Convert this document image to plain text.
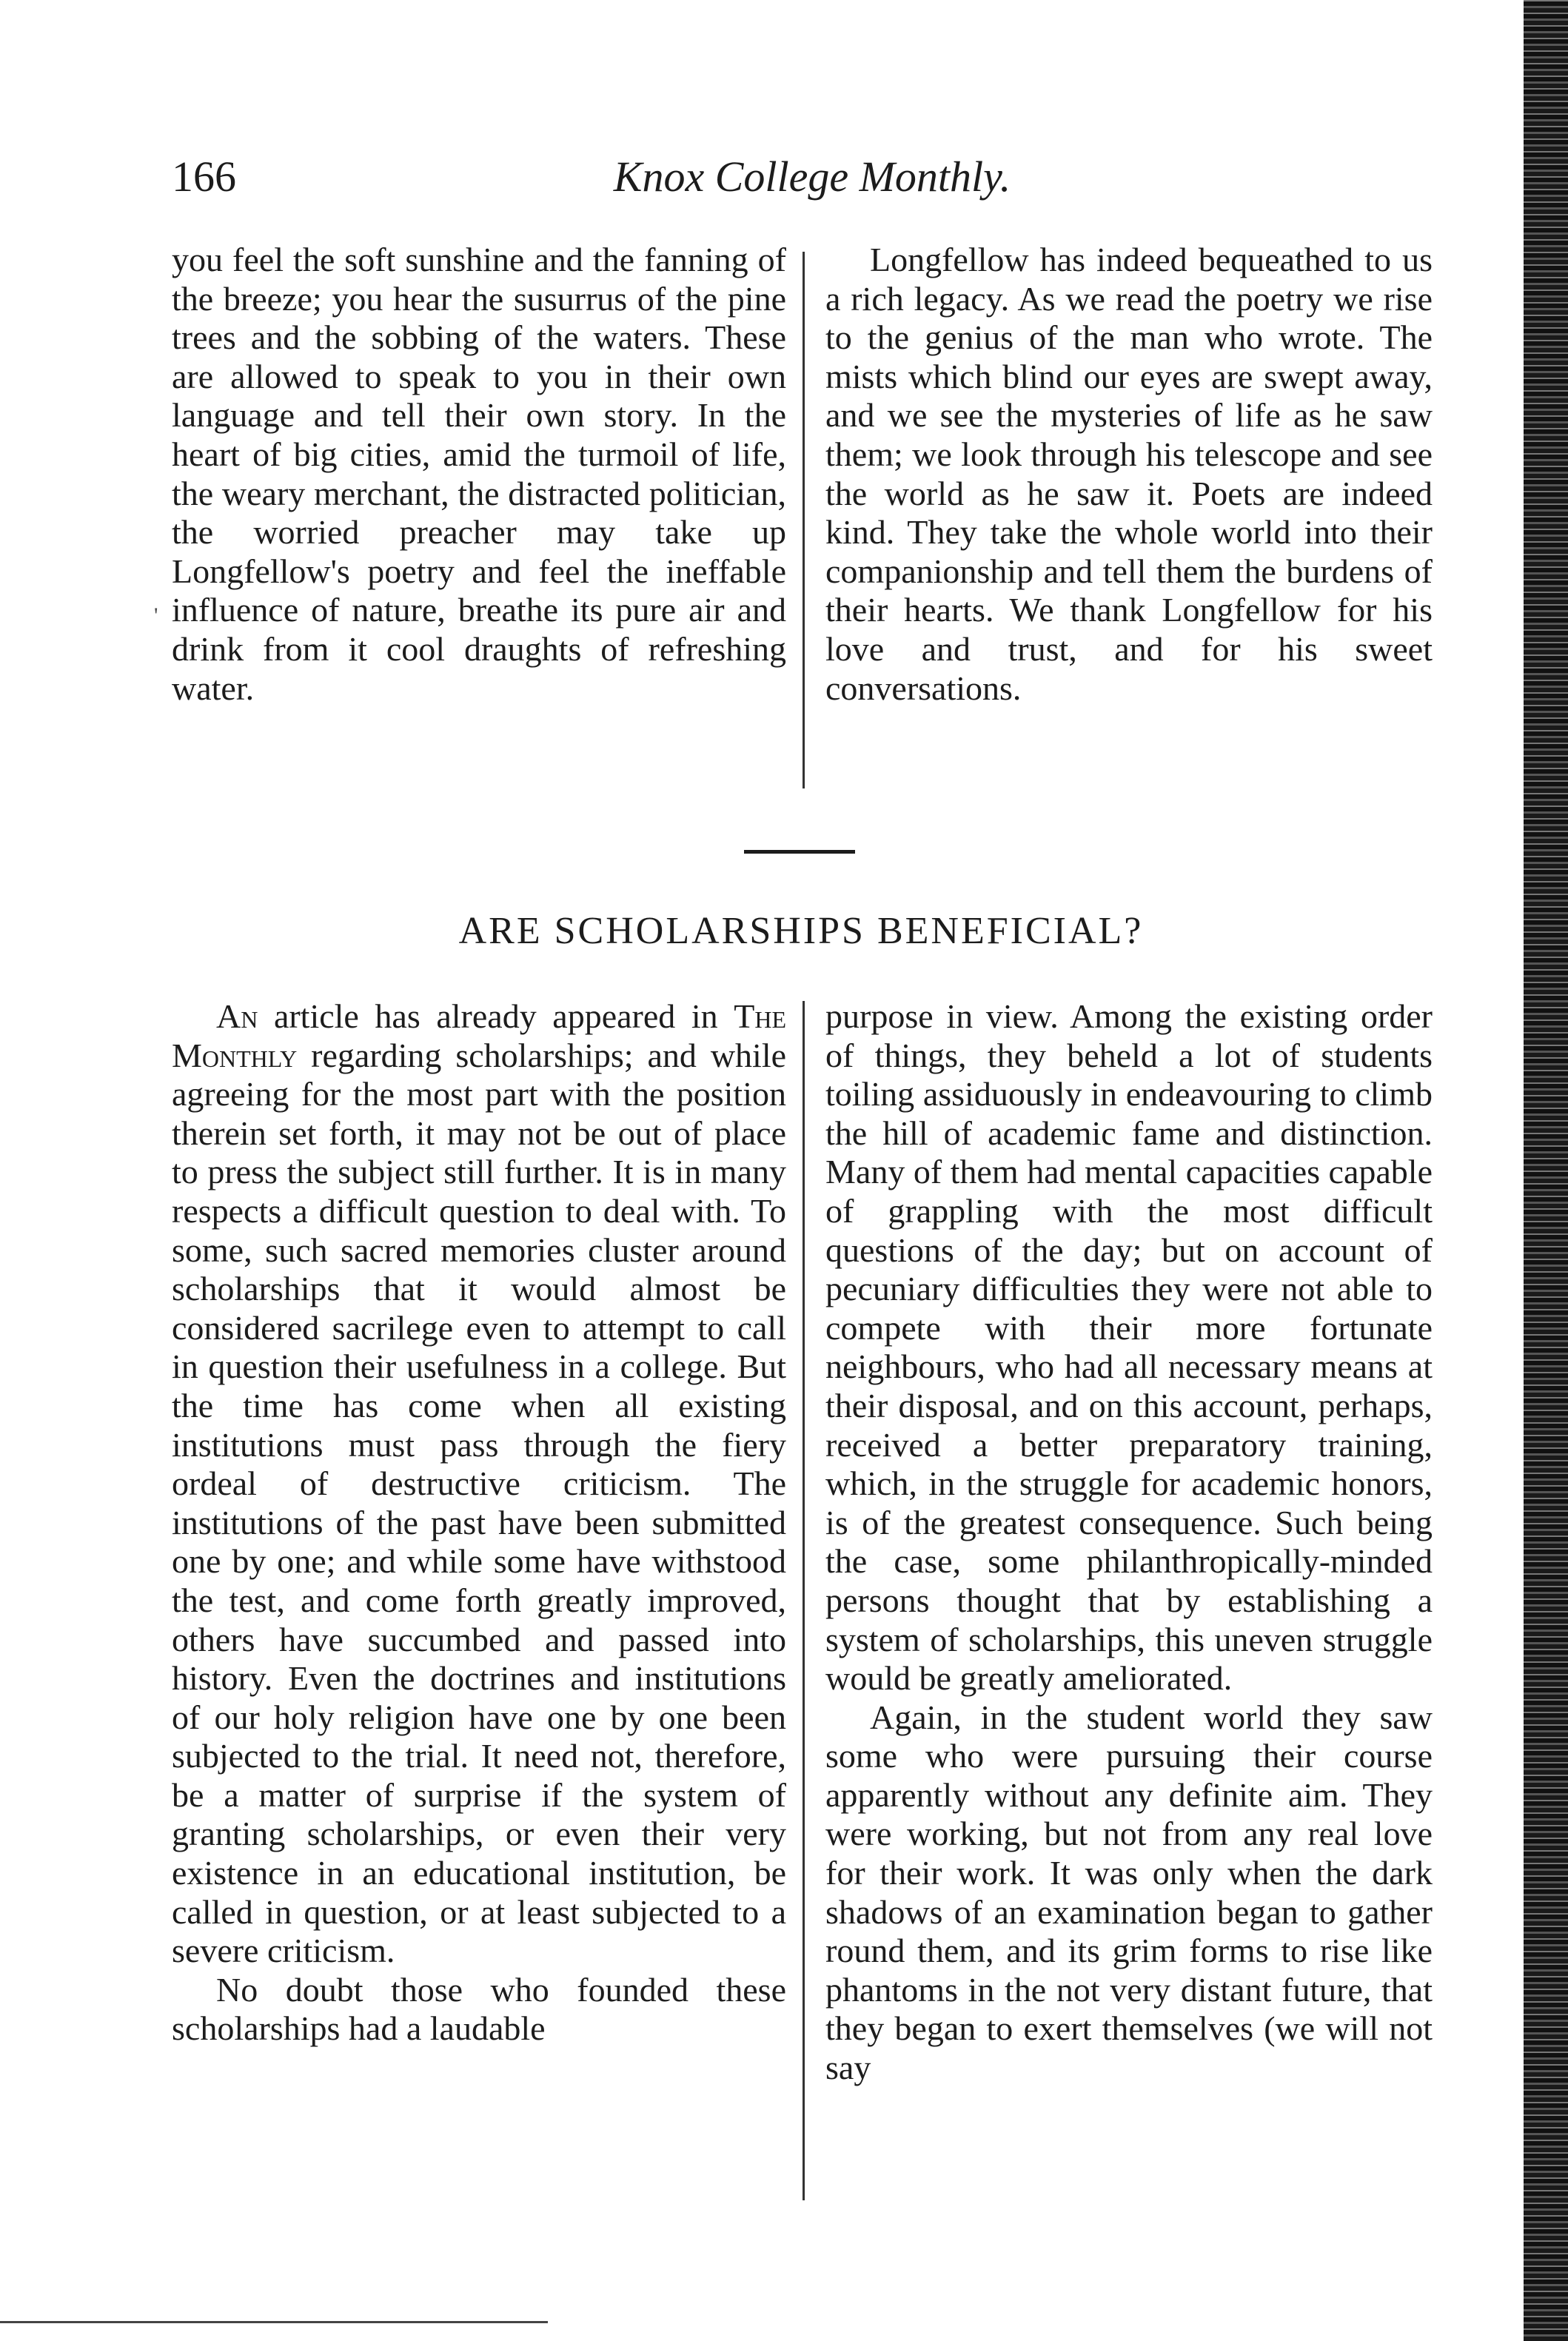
166	Knox College Monthly.
'

you feel the soft sunshine and the fanning of the breeze; you hear the susurrus of the pine trees and the sobbing of the waters. These are allowed to speak to you in their own language and tell their own story. In the heart of big cities, amid the turmoil of life, the weary merchant, the distracted politician, the worried preacher may take up Longfellow's poetry and feel the ineffable influence of nature, breathe its pure air and drink from it cool draughts of refreshing water.

Longfellow has indeed bequeathed to us a rich legacy. As we read the poetry we rise to the genius of the man who wrote. The mists which blind our eyes are swept away, and we see the mysteries of life as he saw them; we look through his telescope and see the world as he saw it. Poets are indeed kind. They take the whole world into their companionship and tell them the burdens of their hearts. We thank Longfellow for his love and trust, and for his sweet conversations.

ARE SCHOLARSHIPS BENEFICIAL?

An article has already appeared in The Monthly regarding scholarships; and while agreeing for the most part with the position therein set forth, it may not be out of place to press the subject still further. It is in many respects a difficult question to deal with. To some, such sacred memories cluster around scholarships that it would almost be considered sacrilege even to attempt to call in question their usefulness in a college. But the time has come when all existing institutions must pass through the fiery ordeal of destructive criticism. The institutions of the past have been submitted one by one; and while some have withstood the test, and come forth greatly improved, others have succumbed and passed into history. Even the doctrines and institutions of our holy religion have one by one been subjected to the trial. It need not, therefore, be a matter of surprise if the system of granting scholarships, or even their very existence in an educational institution, be called in question, or at least subjected to a severe criticism.

No doubt those who founded these scholarships had a laudable

purpose in view. Among the existing order of things, they beheld a lot of students toiling assiduously in endeavouring to climb the hill of academic fame and distinction. Many of them had mental capacities capable of grappling with the most difficult questions of the day; but on account of pecuniary difficulties they were not able to compete with their more fortunate neighbours, who had all necessary means at their disposal, and on this account, perhaps, received a better preparatory training, which, in the struggle for academic honors, is of the greatest consequence. Such being the case, some philanthropically-minded persons thought that by establishing a system of scholarships, this uneven struggle would be greatly ameliorated.

Again, in the student world they saw some who were pursuing their course apparently without any definite aim. They were working, but not from any real love for their work. It was only when the dark shadows of an examination began to gather round them, and its grim forms to rise like phantoms in the not very distant future, that they began to exert themselves (we will not say
